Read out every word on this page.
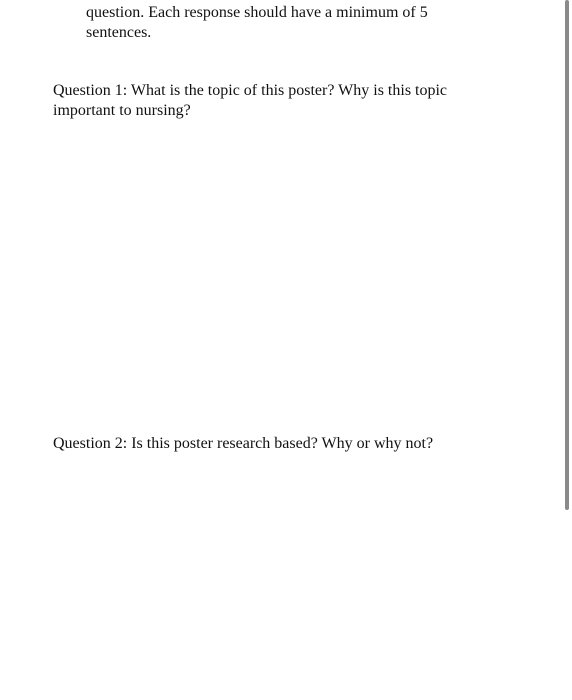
question. Each response should have a minimum of 5
sentences.

Question 1: What is the topic of this poster? Why is this topic
important to nursing?

Question 2: Is this poster research based? Why or why not?
